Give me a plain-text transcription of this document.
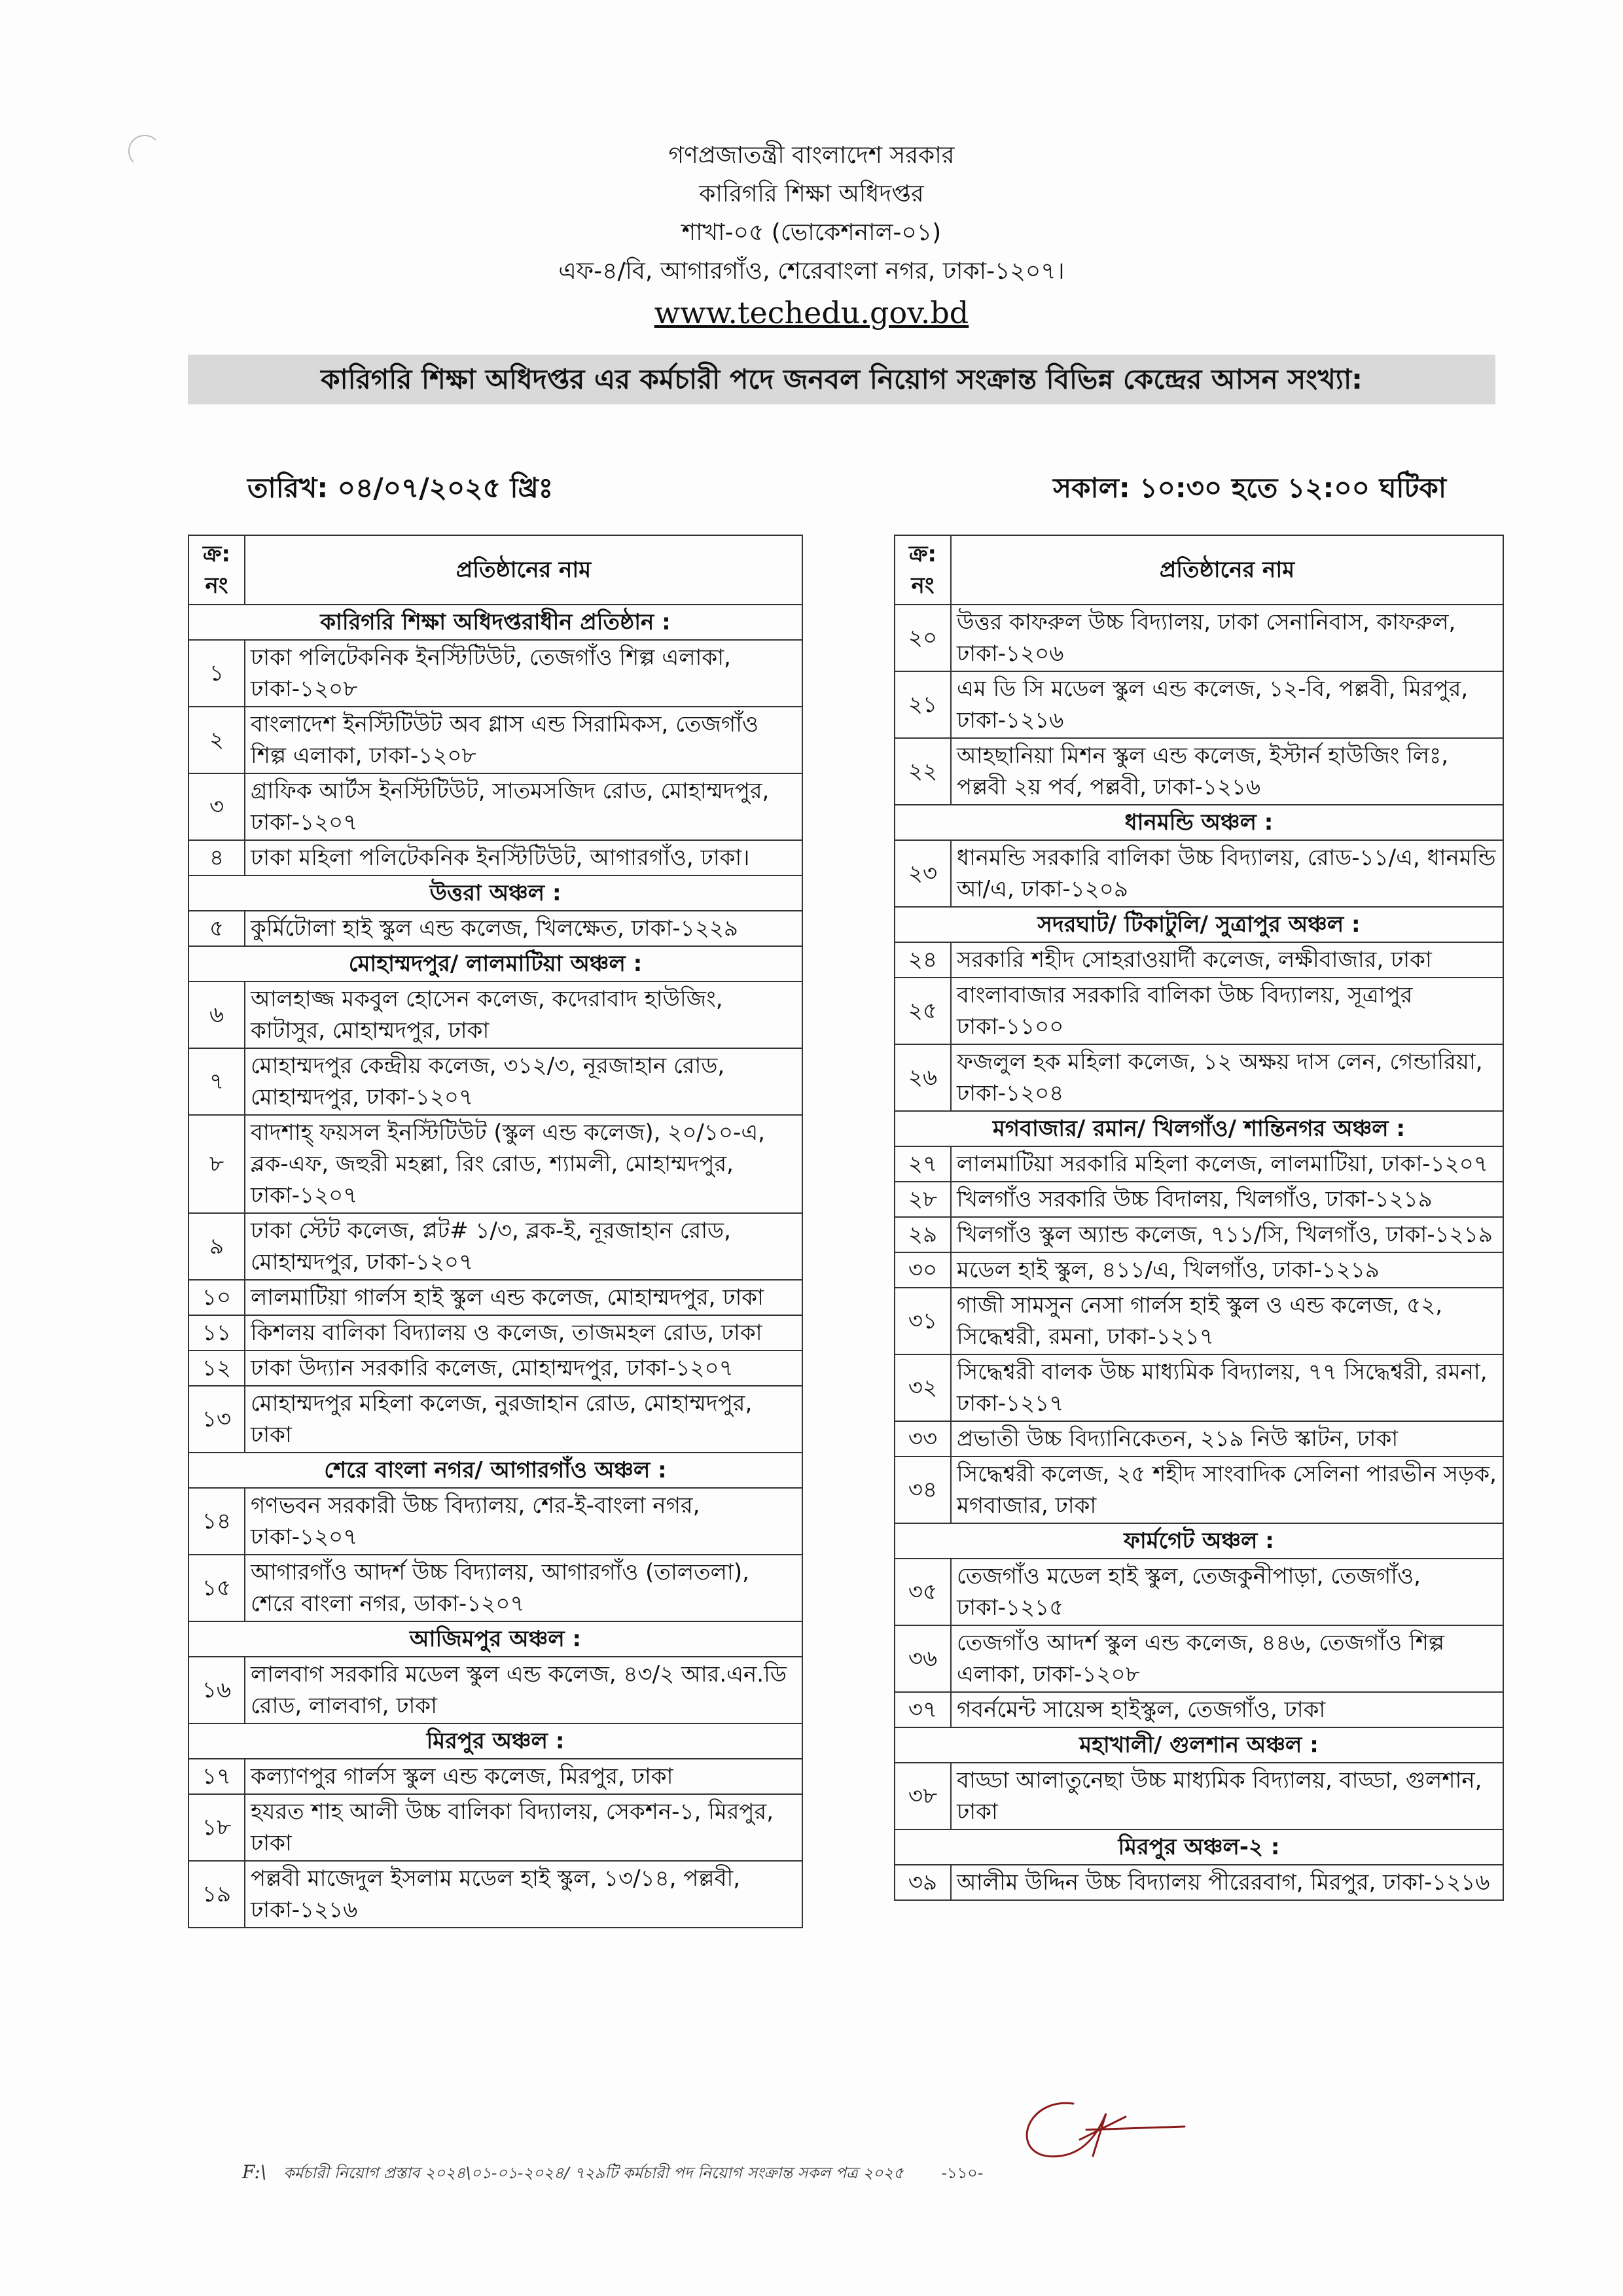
গণপ্রজাতন্ত্রী বাংলাদেশ সরকার
কারিগরি শিক্ষা অধিদপ্তর
শাখা-০৫ (ভোকেশনাল-০১)
এফ-৪/বি, আগারগাঁও, শেরেবাংলা নগর, ঢাকা-১২০৭।
www.techedu.gov.bd
কারিগরি শিক্ষা অধিদপ্তর এর কর্মচারী পদে জনবল নিয়োগ সংক্রান্ত বিভিন্ন কেন্দ্রের আসন সংখ্যা:
তারিখ: ০৪/০৭/২০২৫ খ্রিঃ	সকাল: ১০:৩০ হতে ১২:০০ ঘটিকা
ক্র: নং	প্রতিষ্ঠানের নাম
কারিগরি শিক্ষা অধিদপ্তরাধীন প্রতিষ্ঠান :	
১	ঢাকা পলিটেকনিক ইনস্টিটিউট, তেজগাঁও শিল্প এলাকা, ঢাকা-১২০৮
২	বাংলাদেশ ইনস্টিটিউট অব গ্লাস এন্ড সিরামিকস, তেজগাঁও শিল্প এলাকা, ঢাকা-১২০৮
৩	গ্রাফিক আর্টস ইনস্টিটিউট, সাতমসজিদ রোড, মোহাম্মদপুর, ঢাকা-১২০৭
৪	ঢাকা মহিলা পলিটেকনিক ইনস্টিটিউট, আগারগাঁও, ঢাকা।
উত্তরা অঞ্চল :	
৫	কুর্মিটোলা হাই স্কুল এন্ড কলেজ, খিলক্ষেত, ঢাকা-১২২৯
মোহাম্মদপুর/ লালমাটিয়া অঞ্চল :	
৬	আলহাজ্জ মকবুল হোসেন কলেজ, কদেরাবাদ হাউজিং, কাটাসুর, মোহাম্মদপুর, ঢাকা
৭	মোহাম্মদপুর কেন্দ্রীয় কলেজ, ৩১২/৩, নূরজাহান রোড, মোহাম্মদপুর, ঢাকা-১২০৭
৮	বাদশাহ্ ফয়সল ইনস্টিটিউট (স্কুল এন্ড কলেজ), ২০/১০-এ, ব্লক-এফ, জহুরী মহল্লা, রিং রোড, শ্যামলী, মোহাম্মদপুর, ঢাকা-১২০৭
৯	ঢাকা স্টেট কলেজ, প্লট# ১/৩, ব্লক-ই, নূরজাহান রোড, মোহাম্মদপুর, ঢাকা-১২০৭
১০	লালমাটিয়া গার্লস হাই স্কুল এন্ড কলেজ, মোহাম্মদপুর, ঢাকা
১১	কিশলয় বালিকা বিদ্যালয় ও কলেজ, তাজমহল রোড, ঢাকা
১২	ঢাকা উদ্যান সরকারি কলেজ, মোহাম্মদপুর, ঢাকা-১২০৭
১৩	মোহাম্মদপুর মহিলা কলেজ, নুরজাহান রোড, মোহাম্মদপুর, ঢাকা
শেরে বাংলা নগর/ আগারগাঁও অঞ্চল :	
১৪	গণভবন সরকারী উচ্চ বিদ্যালয়, শের-ই-বাংলা নগর, ঢাকা-১২০৭
১৫	আগারগাঁও আদর্শ উচ্চ বিদ্যালয়, আগারগাঁও (তালতলা), শেরে বাংলা নগর, ডাকা-১২০৭
আজিমপুর অঞ্চল :	
১৬	লালবাগ সরকারি মডেল স্কুল এন্ড কলেজ, ৪৩/২ আর.এন.ডি রোড, লালবাগ, ঢাকা
মিরপুর অঞ্চল :	
১৭	কল্যাণপুর গার্লস স্কুল এন্ড কলেজ, মিরপুর, ঢাকা
১৮	হযরত শাহ আলী উচ্চ বালিকা বিদ্যালয়, সেকশন-১, মিরপুর, ঢাকা
১৯	পল্লবী মাজেদুল ইসলাম মডেল হাই স্কুল, ১৩/১৪, পল্লবী, ঢাকা-১২১৬
ক্র: নং	প্রতিষ্ঠানের নাম
২০	উত্তর কাফরুল উচ্চ বিদ্যালয়, ঢাকা সেনানিবাস, কাফরুল, ঢাকা-১২০৬
২১	এম ডি সি মডেল স্কুল এন্ড কলেজ, ১২-বি, পল্লবী, মিরপুর, ঢাকা-১২১৬
২২	আহছানিয়া মিশন স্কুল এন্ড কলেজ, ইস্টার্ন হাউজিং লিঃ, পল্লবী ২য় পর্ব, পল্লবী, ঢাকা-১২১৬
ধানমন্ডি অঞ্চল :	
২৩	ধানমন্ডি সরকারি বালিকা উচ্চ বিদ্যালয়, রোড-১১/এ, ধানমন্ডি আ/এ, ঢাকা-১২০৯
সদরঘাট/ টিকাটুলি/ সুত্রাপুর অঞ্চল :	
২৪	সরকারি শহীদ সোহরাওয়ার্দী কলেজ, লক্ষীবাজার, ঢাকা
২৫	বাংলাবাজার সরকারি বালিকা উচ্চ বিদ্যালয়, সূত্রাপুর ঢাকা-১১০০
২৬	ফজলুল হক মহিলা কলেজ, ১২ অক্ষয় দাস লেন, গেন্ডারিয়া, ঢাকা-১২০৪
মগবাজার/ রমান/ খিলগাঁও/ শান্তিনগর অঞ্চল :	
২৭	লালমাটিয়া সরকারি মহিলা কলেজ, লালমাটিয়া, ঢাকা-১২০৭
২৮	খিলগাঁও সরকারি উচ্চ বিদালয়, খিলগাঁও, ঢাকা-১২১৯
২৯	খিলগাঁও স্কুল অ্যান্ড কলেজ, ৭১১/সি, খিলগাঁও, ঢাকা-১২১৯
৩০	মডেল হাই স্কুল, ৪১১/এ, খিলগাঁও, ঢাকা-১২১৯
৩১	গাজী সামসুন নেসা গার্লস হাই স্কুল ও এন্ড কলেজ, ৫২, সিদ্ধেশ্বরী, রমনা, ঢাকা-১২১৭
৩২	সিদ্ধেশ্বরী বালক উচ্চ মাধ্যমিক বিদ্যালয়, ৭৭ সিদ্ধেশ্বরী, রমনা, ঢাকা-১২১৭
৩৩	প্রভাতী উচ্চ বিদ্যানিকেতন, ২১৯ নিউ স্কাটন, ঢাকা
৩৪	সিদ্ধেশ্বরী কলেজ, ২৫ শহীদ সাংবাদিক সেলিনা পারভীন সড়ক, মগবাজার, ঢাকা
ফার্মগেট অঞ্চল :	
৩৫	তেজগাঁও মডেল হাই স্কুল, তেজকুনীপাড়া, তেজগাঁও, ঢাকা-১২১৫
৩৬	তেজগাঁও আদর্শ স্কুল এন্ড কলেজ, ৪৪৬, তেজগাঁও শিল্প এলাকা, ঢাকা-১২০৮
৩৭	গবর্নমেন্ট সায়েন্স হাইস্কুল, তেজগাঁও, ঢাকা
মহাখালী/ গুলশান অঞ্চল :	
৩৮	বাড্ডা আলাতুনেছা উচ্চ মাধ্যমিক বিদ্যালয়, বাড্ডা, গুলশান, ঢাকা
মিরপুর অঞ্চল-২ :	
৩৯	আলীম উদ্দিন উচ্চ বিদ্যালয় পীরেরবাগ, মিরপুর, ঢাকা-১২১৬
F:\ কর্মচারী নিয়োগ প্রস্তাব ২০২৪\০১-০১-২০২৪/ ৭২৯টি কর্মচারী পদ নিয়োগ সংক্রান্ত সকল পত্র ২০২৫ -১১০-
